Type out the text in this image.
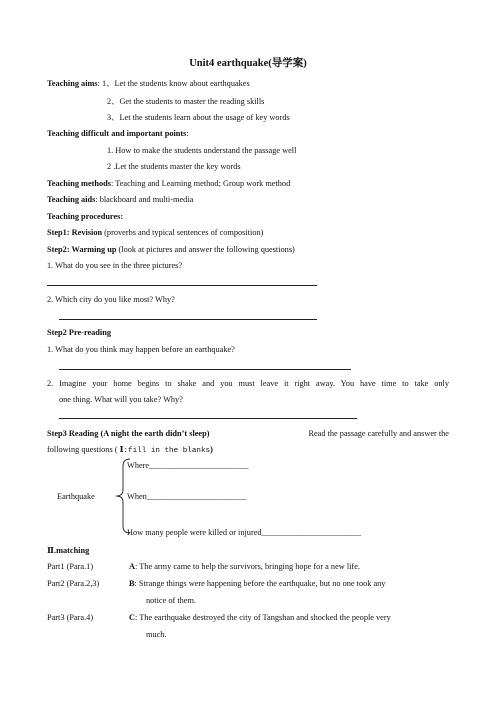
Unit4 earthquake(导学案)
Teaching aims: 1、Let the students know about earthquakes
2、Get the students to master the reading skills
3、Let the students learn about the usage of key words
Teaching difficult and important points:
1. How to make the students understand the passage well
2 .Let the students master the key words
Teaching methods: Teaching and Learning method; Group work method
Teaching aids: blackboard and multi-media
Teaching procedures:
Step1: Revision (proverbs and typical sentences of composition)
Step2: Warming up (look at pictures and answer the following questions)
1. What do you see in the three pictures?
2. Which city do you like most? Why?
Step2 Pre-reading
1. What do you think may happen before an earthquake?
2. Imagine your home begins to shake and you must leave it right away. You have time to take only
one thing. What will you take? Why?
Step3 Reading (A night the earth didn’t sleep)	Read the passage carefully and answer the
following questions ( Ⅰ:fill in the blanks)
Earthquake
Where________________________
When________________________
How many people were killed or injured________________________
Ⅱ.matching
Part1 (Para.1)	A: The army came to help the survivors, bringing hope for a new life.
Part2 (Para.2,3)	B: Strange things were happening before the earthquake, but no one took any
notice of them.
Part3 (Para.4)	C: The earthquake destroyed the city of Tangshan and shocked the people very
much.
